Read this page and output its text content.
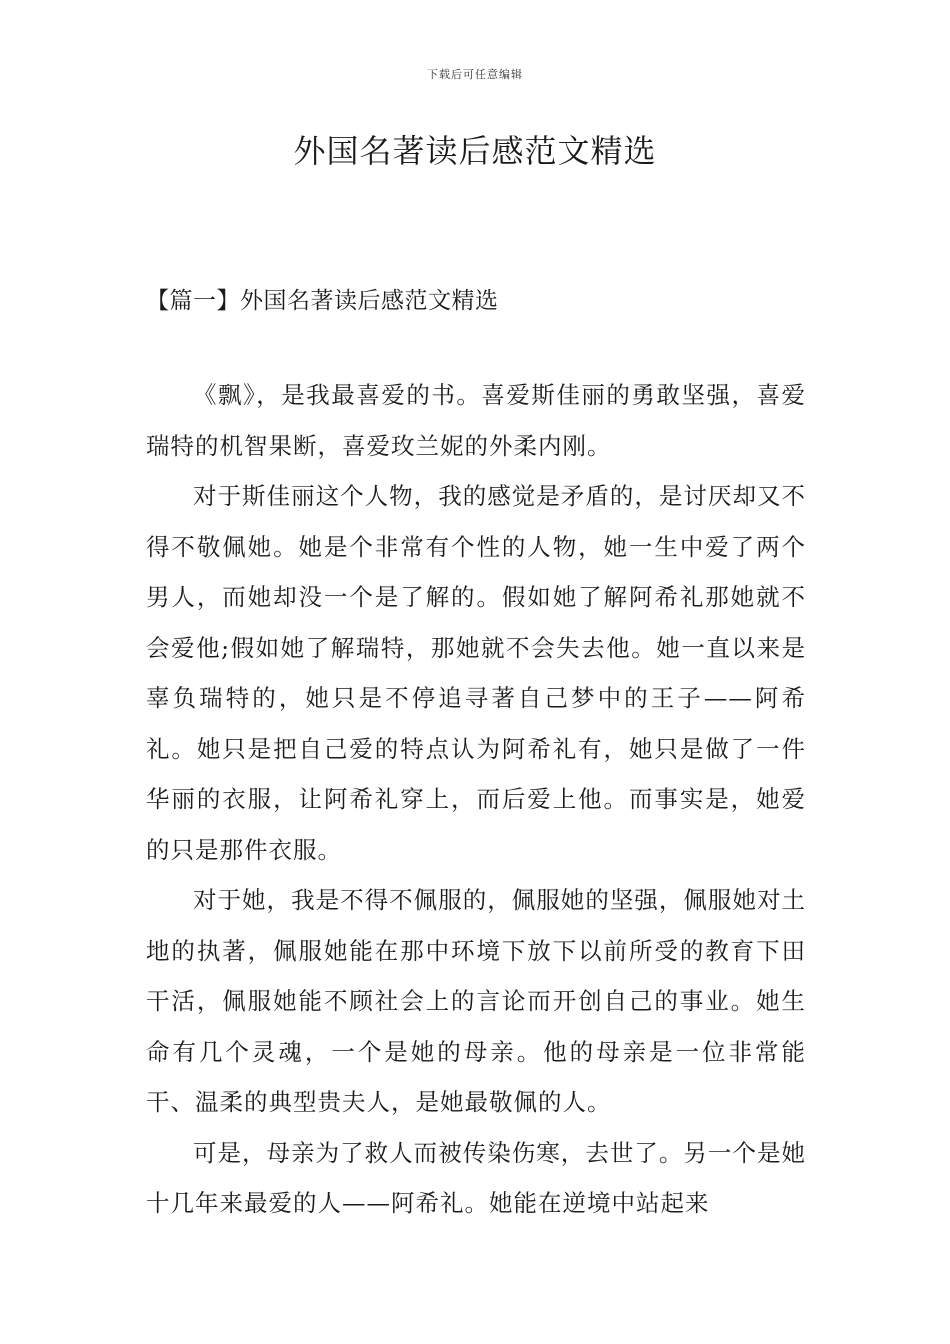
下载后可任意编辑
外国名著读后感范文精选
【篇一】外国名著读后感范文精选

《飘》，是我最喜爱的书。喜爱斯佳丽的勇敢坚强，喜爱瑞特的机智果断，喜爱玫兰妮的外柔内刚。

对于斯佳丽这个人物，我的感觉是矛盾的，是讨厌却又不得不敬佩她。她是个非常有个性的人物，她一生中爱了两个男人，而她却没一个是了解的。假如她了解阿希礼那她就不会爱他;假如她了解瑞特，那她就不会失去他。她一直以来是辜负瑞特的，她只是不停追寻著自己梦中的王子——阿希礼。她只是把自己爱的特点认为阿希礼有，她只是做了一件华丽的衣服，让阿希礼穿上，而后爱上他。而事实是，她爱的只是那件衣服。

对于她，我是不得不佩服的，佩服她的坚强，佩服她对土地的执著，佩服她能在那中环境下放下以前所受的教育下田干活，佩服她能不顾社会上的言论而开创自己的事业。她生命有几个灵魂，一个是她的母亲。他的母亲是一位非常能干、温柔的典型贵夫人，是她最敬佩的人。

可是，母亲为了救人而被传染伤寒，去世了。另一个是她十几年来最爱的人——阿希礼。她能在逆境中站起来
